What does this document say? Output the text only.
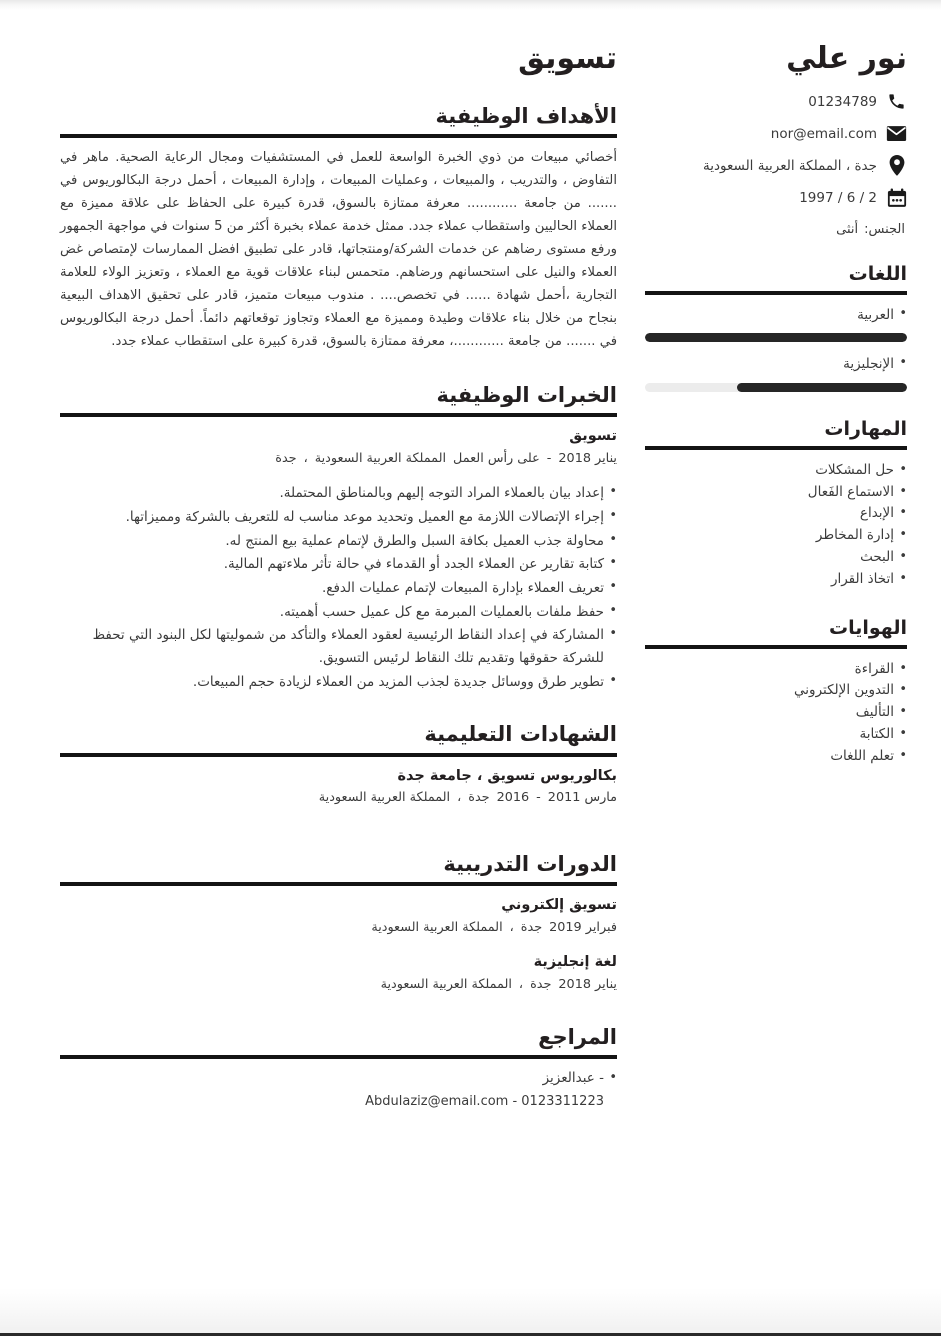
نور علي
01234789
nor@email.com
جدة ، المملكة العربية السعودية
1997 / 6 / 2
الجنس:أنثى
اللغات
• العربية
• الإنجليزية
المهارات
• حل المشكلات
• الاستماع الفَعال
• الإبداع
• إدارة المخاطر
• البحث
• اتخاذ القرار
الهوايات
• القراءة
• التدوين الإلكتروني
• التأليف
• الكتابة
• تعلم اللغات
تسويق
الأهداف الوظيفية

أخصائي مبيعات من ذوي الخبرة الواسعة للعمل في المستشفيات ومجال الرعاية الصحية. ماهر في التفاوض ، والتدريب ، والمبيعات ، وعمليات المبيعات ، وإدارة المبيعات ، أحمل درجة البكالوريوس في ....... من جامعة ............ معرفة ممتازة بالسوق، قدرة كبيرة على الحفاظ على علاقة مميزة مع العملاء الحاليين واستقطاب عملاء جدد. ممثل خدمة عملاء بخبرة أكثر من 5 سنوات في مواجهة الجمهور ورفع مستوى رضاهم عن خدمات الشركة/ومنتجاتها، قادر على تطبيق افضل الممارسات لإمتصاص غض العملاء والنيل على استحسانهم ورضاهم. متحمس لبناء علاقات قوية مع العملاء ، وتعزيز الولاء للعلامة التجارية ،أحمل شهادة ...... في تخصص.... . مندوب مبيعات متميز، قادر على تحقيق الاهداف البيعية بنجاح من خلال بناء علاقات وطيدة ومميزة مع العملاء وتجاوز توقعاتهم دائماً. أحمل درجة البكالوريوس في ....... من جامعة ............، معرفة ممتازة بالسوق، قدرة كبيرة على استقطاب عملاء جدد.

الخبرات الوظيفية
تسويق
يناير 2018-على رأس العملالمملكة العربية السعودية،جدة
• إعداد بيان بالعملاء المراد التوجه إليهم وبالمناطق المحتملة.
• إجراء الإتصالات اللازمة مع العميل وتحديد موعد مناسب له للتعريف بالشركة ومميزاتها.
• محاولة جذب العميل بكافة السبل والطرق لإتمام عملية بيع المنتج له.
• كتابة تقارير عن العملاء الجدد أو القدماء في حالة تأثر ملاءتهم المالية.
• تعريف العملاء بإدارة المبيعات لإتمام عمليات الدفع.
• حفظ ملفات بالعمليات المبرمة مع كل عميل حسب أهميته.
• المشاركة في إعداد النقاط الرئيسية لعقود العملاء والتأكد من شموليتها لكل البنود التي تحفظ للشركة حقوقها وتقديم تلك النقاط لرئيس التسويق.
• تطوير طرق ووسائل جديدة لجذب المزيد من العملاء لزيادة حجم المبيعات.
الشهادات التعليمية
بكالوريوس تسويق ، جامعة جدة
مارس 2011-2016جدة،المملكة العربية السعودية
الدورات التدريبية
تسويق إلكتروني
فبراير 2019جدة،المملكة العربية السعودية
لغة إنجليزية
يناير 2018جدة،المملكة العربية السعودية
المراجع
• - عبدالعزيز
Abdulaziz@email.com - 0123311223
